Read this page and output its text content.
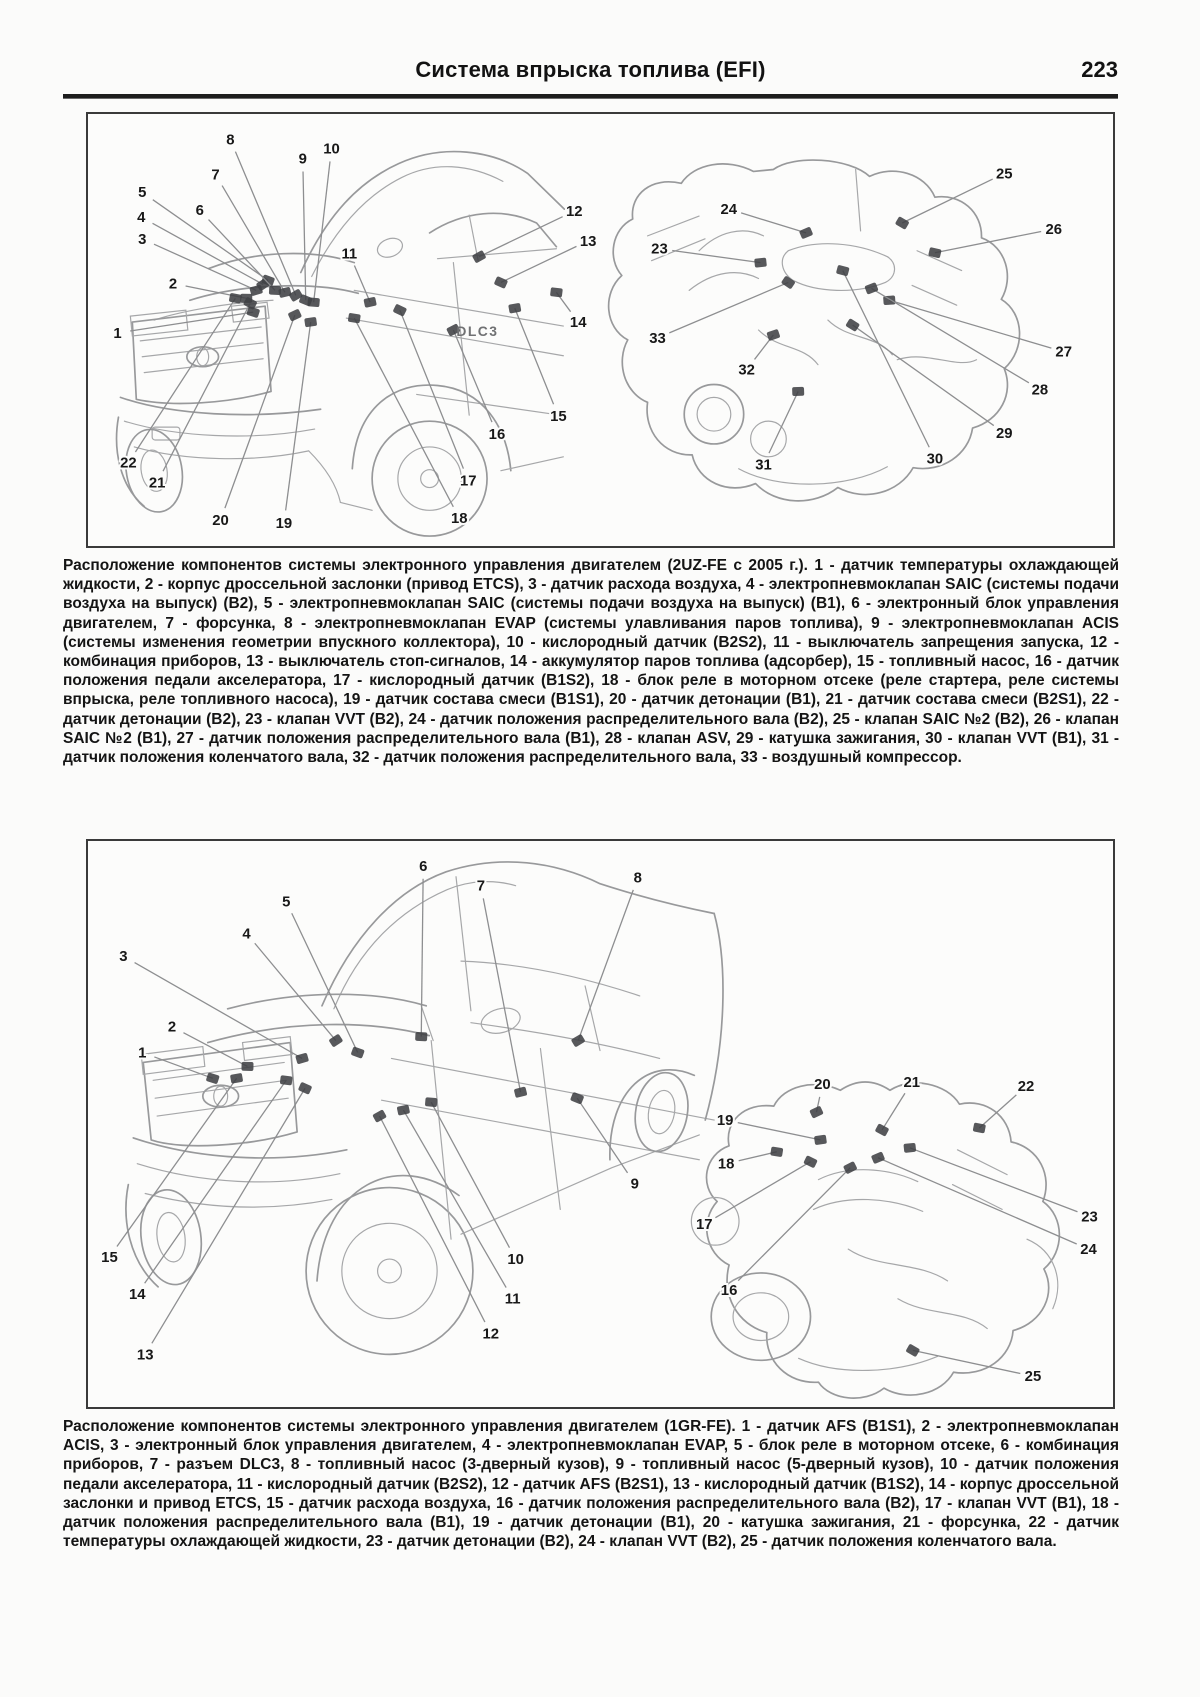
Система впрыска топлива (EFI)	223
1
2
3
4
5
6
7
8
9
10
11
12
13
14
15
16
17
18
19
20
21
22
23
24
25
26
27
28
29
30
31
32
33
DLC3

Расположение компонентов системы электронного управления двигателем (2UZ-FE с 2005 г.). 1 - датчик температуры охлаждающей жидкости, 2 - корпус дроссельной заслонки (привод ETCS), 3 - датчик расхода воздуха, 4 - электропневмоклапан SAIC (системы подачи воздуха на выпуск) (B2), 5 - электропневмоклапан SAIC (системы подачи воздуха на выпуск) (B1), 6 - электронный блок управления двигателем, 7 - форсунка, 8 - электропневмоклапан EVAP (системы улавливания паров топлива), 9 - электропневмоклапан ACIS (системы изменения геометрии впускного коллектора), 10 - кислородный датчик (B2S2), 11 - выключатель запрещения запуска, 12 - комбинация приборов, 13 - выключатель стоп-сигналов, 14 - аккумулятор паров топлива (адсорбер), 15 - топливный насос, 16 - датчик положения педали акселератора, 17 - кислородный датчик (B1S2), 18 - блок реле в моторном отсеке (реле стартера, реле системы впрыска, реле топливного насоса), 19 - датчик состава смеси (B1S1), 20 - датчик детонации (B1), 21 - датчик состава смеси (B2S1), 22 - датчик детонации (B2), 23 - клапан VVT (B2), 24 - датчик положения распределительного вала (B2), 25 - клапан SAIC №2 (B2), 26 - клапан SAIC №2 (B1), 27 - датчик положения распределительного вала (B1), 28 - клапан ASV, 29 - катушка зажигания, 30 - клапан VVT (B1), 31 - датчик положения коленчатого вала, 32 - датчик положения распределительного вала, 33 - воздушный компрессор.

1
2
3
4
5
6
7	8
9
10
11
12
13
14
15
16
17
18
19
20	21	22
23
24
25

Расположение компонентов системы электронного управления двигателем (1GR-FE). 1 - датчик AFS (B1S1), 2 - электропневмоклапан ACIS, 3 - электронный блок управления двигателем, 4 - электропневмоклапан EVAP, 5 - блок реле в моторном отсеке, 6 - комбинация приборов, 7 - разъем DLC3, 8 - топливный насос (3-дверный кузов), 9 - топливный насос (5-дверный кузов), 10 - датчик положения педали акселератора, 11 - кислородный датчик (B2S2), 12 - датчик AFS (B2S1), 13 - кислородный датчик (B1S2), 14 - корпус дроссельной заслонки и привод ETCS, 15 - датчик расхода воздуха, 16 - датчик положения распределительного вала (B2), 17 - клапан VVT (B1), 18 - датчик положения распределительного вала (B1), 19 - датчик детонации (B1), 20 - катушка зажигания, 21 - форсунка, 22 - датчик температуры охлаждающей жидкости, 23 - датчик детонации (B2), 24 - клапан VVT (B2), 25 - датчик положения коленчатого вала.
